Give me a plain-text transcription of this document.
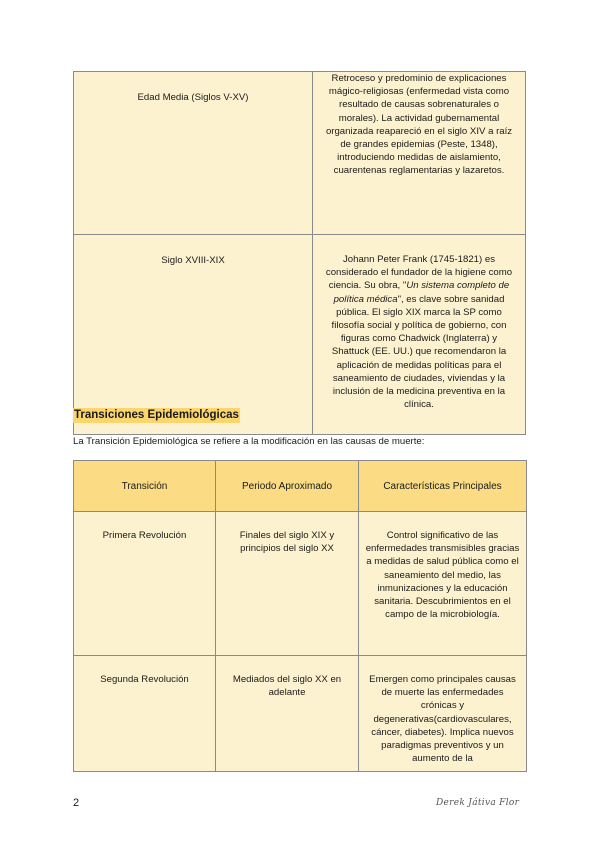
Edad Media (Siglos V-XV)	Retroceso y predominio de explicaciones mágico-religiosas (enfermedad vista como resultado de causas sobrenaturales o morales). La actividad gubernamental organizada reapareció en el siglo XIV a raíz de grandes epidemias (Peste, 1348), introduciendo medidas de aislamiento, cuarentenas reglamentarias y lazaretos.
Siglo XVIII-XIX	Johann Peter Frank (1745-1821) es considerado el fundador de la higiene como ciencia. Su obra, "Un sistema completo de política médica", es clave sobre sanidad pública. El siglo XIX marca la SP como filosofía social y política de gobierno, con figuras como Chadwick (Inglaterra) y Shattuck (EE. UU.) que recomendaron la aplicación de medidas políticas para el saneamiento de ciudades, viviendas y la inclusión de la medicina preventiva en la clínica.
Transiciones Epidemiológicas
La Transición Epidemiológica se refiere a la modificación en las causas de muerte:
Transición	Periodo Aproximado	Características Principales
Primera Revolución	Finales del siglo XIX y principios del siglo XX	Control significativo de las enfermedades transmisibles gracias a medidas de salud pública como el saneamiento del medio, las inmunizaciones y la educación sanitaria. Descubrimientos en el campo de la microbiología.
Segunda Revolución	Mediados del siglo XX en adelante	Emergen como principales causas de muerte las enfermedades crónicas y degenerativas(cardiovasculares, cáncer, diabetes). Implica nuevos paradigmas preventivos y un aumento de la
2	Derek Játiva Flor
